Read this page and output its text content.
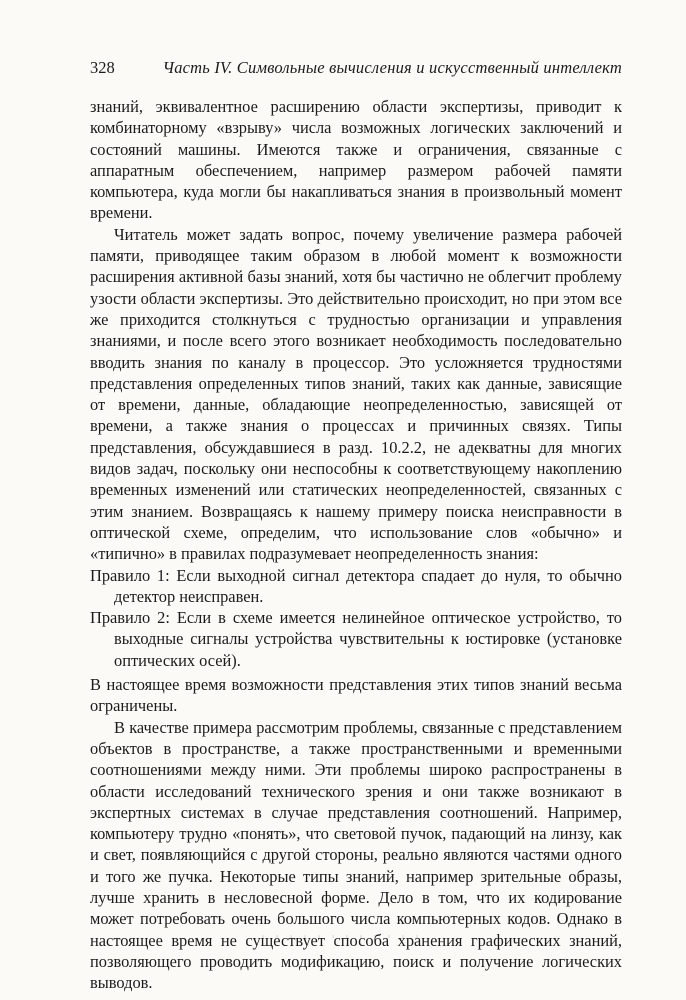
328	Часть IV. Символьные вычисления и искусственный интеллект

знаний, эквивалентное расширению области экспертизы, приводит к комбинаторному «взрыву» числа возможных логических заключений и состояний машины. Имеются также и ограничения, связанные с аппаратным обеспечением, например размером рабочей памяти компьютера, куда могли бы накапливаться знания в произвольный момент времени.

Читатель может задать вопрос, почему увеличение размера рабочей памяти, приводящее таким образом в любой момент к возможности расширения активной базы знаний, хотя бы частично не облегчит проблему узости области экспертизы. Это действительно происходит, но при этом все же приходится столкнуться с трудностью организации и управления знаниями, и после всего этого возникает необходимость последовательно вводить знания по каналу в процессор. Это усложняется трудностями представления определенных типов знаний, таких как данные, зависящие от времени, данные, обладающие неопределенностью, зависящей от времени, а также знания о процессах и причинных связях. Типы представления, обсуждавшиеся в разд. 10.2.2, не адекватны для многих видов задач, поскольку они неспособны к соответствующему накоплению временных изменений или статических неопределенностей, связанных с этим знанием. Возвращаясь к нашему примеру поиска неисправности в оптической схеме, определим, что использование слов «обычно» и «типично» в правилах подразумевает неопределенность знания:

Правило 1: Если выходной сигнал детектора спадает до нуля, то обычно детектор неисправен.

Правило 2: Если в схеме имеется нелинейное оптическое устройство, то выходные сигналы устройства чувствительны к юстировке (установке оптических осей).

В настоящее время возможности представления этих типов знаний весьма ограничены.

В качестве примера рассмотрим проблемы, связанные с представлением объектов в пространстве, а также пространственными и временными соотношениями между ними. Эти проблемы широко распространены в области исследований технического зрения и они также возникают в экспертных системах в случае представления соотношений. Например, компьютеру трудно «понять», что световой пучок, падающий на линзу, как и свет, появляющийся с другой стороны, реально являются частями одного и того же пучка. Некоторые типы знаний, например зрительные образы, лучше хранить в несловесной форме. Дело в том, что их кодирование может потребовать очень большого числа компьютерных кодов. Однако в настоящее время не существует способа хранения графических знаний, позволяющего проводить модификацию, поиск и получение логических выводов.
